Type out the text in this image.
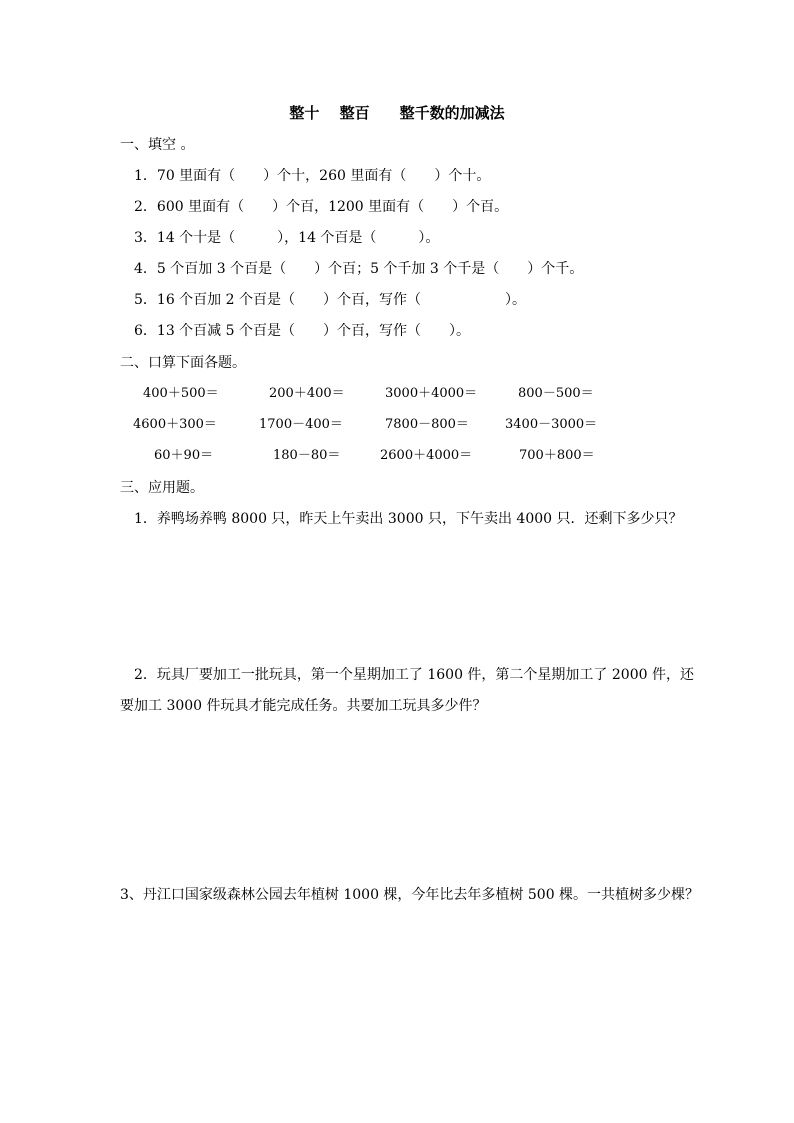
整十　 整百　　整千数的加减法
一、填空 。
1．70 里面有（　　）个十，260 里面有（　　）个十。
2．600 里面有（　　）个百，1200 里面有（　　）个百。
3．14 个十是（　　　），14 个百是（　　　）。
4．5 个百加 3 个百是（　　）个百；5 个千加 3 个千是（　　）个千。
5．16 个百加 2 个百是（　　）个百，写作（　　　　　　）。
6．13 个百减 5 个百是（　　）个百，写作（　　）。
二、口算下面各题。
400＋500＝	200＋400＝	3000＋4000＝	800－500＝
4600＋300＝	1700－400＝	7800－800＝	3400－3000＝
60＋90＝	180－80＝	2600＋4000＝	700＋800＝
三、应用题。
1．养鸭场养鸭 8000 只，昨天上午卖出 3000 只，下午卖出 4000 只．还剩下多少只？
2．玩具厂要加工一批玩具，第一个星期加工了 1600 件，第二个星期加工了 2000 件，还
要加工 3000 件玩具才能完成任务。共要加工玩具多少件？
3、丹江口国家级森林公园去年植树 1000 棵，今年比去年多植树 500 棵。一共植树多少棵？
